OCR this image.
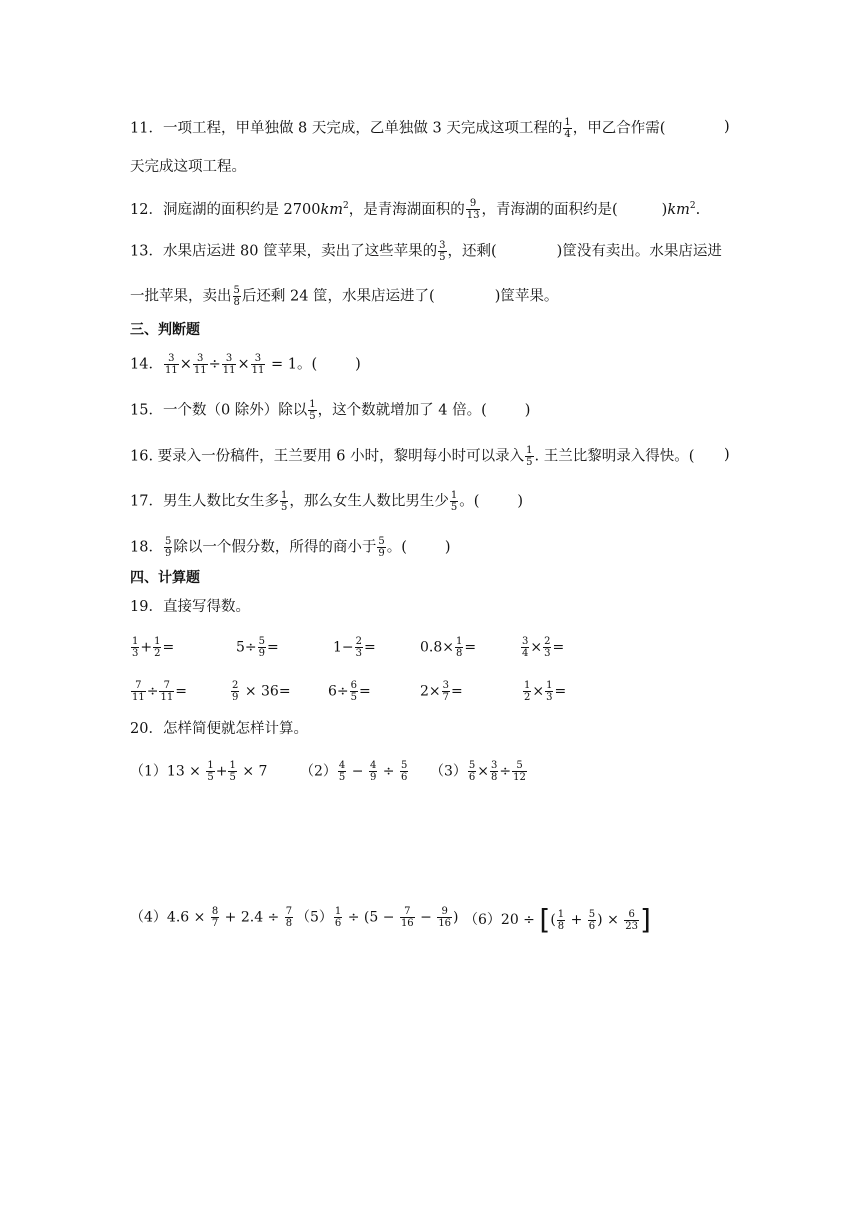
11．一项工程，甲单独做 8 天完成，乙单独做 3 天完成这项工程的 $\frac{1}{4}$ ，甲乙合作需(	)
天完成这项工程。
12．洞庭湖的面积约是 $2700km^2$，是青海湖面积的 $\frac{9}{13}$ ，青海湖的面积约是(	)$km^2$.
13．水果店运进 80 筐苹果，卖出了这些苹果的 $\frac{3}{5}$ ，还剩(	)筐没有卖出。水果店运进
一批苹果，卖出 $\frac{5}{8}$ 后还剩 24 筐，水果店运进了(	)筐苹果。
三、判断题
14． $\frac{3}{11} \times \frac{3}{11} \div \frac{3}{11} \times \frac{3}{11} = 1$。(	)
15．一个数（0 除外）除以 $\frac{1}{5}$ ，这个数就增加了 4 倍。(	)
16. 要录入一份稿件，王兰要用 6 小时，黎明每小时可以录入 $\frac{1}{5}$ . 王兰比黎明录入得快。( )
17．男生人数比女生多 $\frac{1}{5}$ ，那么女生人数比男生少 $\frac{1}{5}$ 。(	)
18． $\frac{5}{9}$ 除以一个假分数，所得的商小于 $\frac{5}{9}$ 。(	)
四、计算题
19．直接写得数。
$\frac{1}{3} + \frac{1}{2}$ =	$5\div \frac{5}{9}$ =	$1- \frac{2}{3}$ =	$0.8\times \frac{1}{8}$ =	$\frac{3}{4} \times \frac{2}{3}$ =
$\frac{7}{11} \div \frac{7}{11}$ =	$\frac{2}{9} \times 36=$	$6\div \frac{6}{5}$ =	$2\times \frac{3}{7}$ =	$\frac{1}{2} \times \frac{1}{3}$ =
20．怎样简便就怎样计算。
$(1)13 \times \frac{1}{5} + \frac{1}{5} \times 7$ $(2) \frac{4}{5} - \frac{4}{9} \div \frac{5}{6} (3) \frac{5}{6} \times \frac{3}{8} \div \frac{5}{12}$
$(4)4.6 \times \frac{8}{7} + 2.4 \div \frac{7}{8} (5) \frac{1}{6} \div (5 - \frac{7}{16} - \frac{9}{16}$ ) （6）20 ÷ [( $\frac{1}{8} + \frac{5}{6}$ ) × $\frac{6}{23}$ ]
